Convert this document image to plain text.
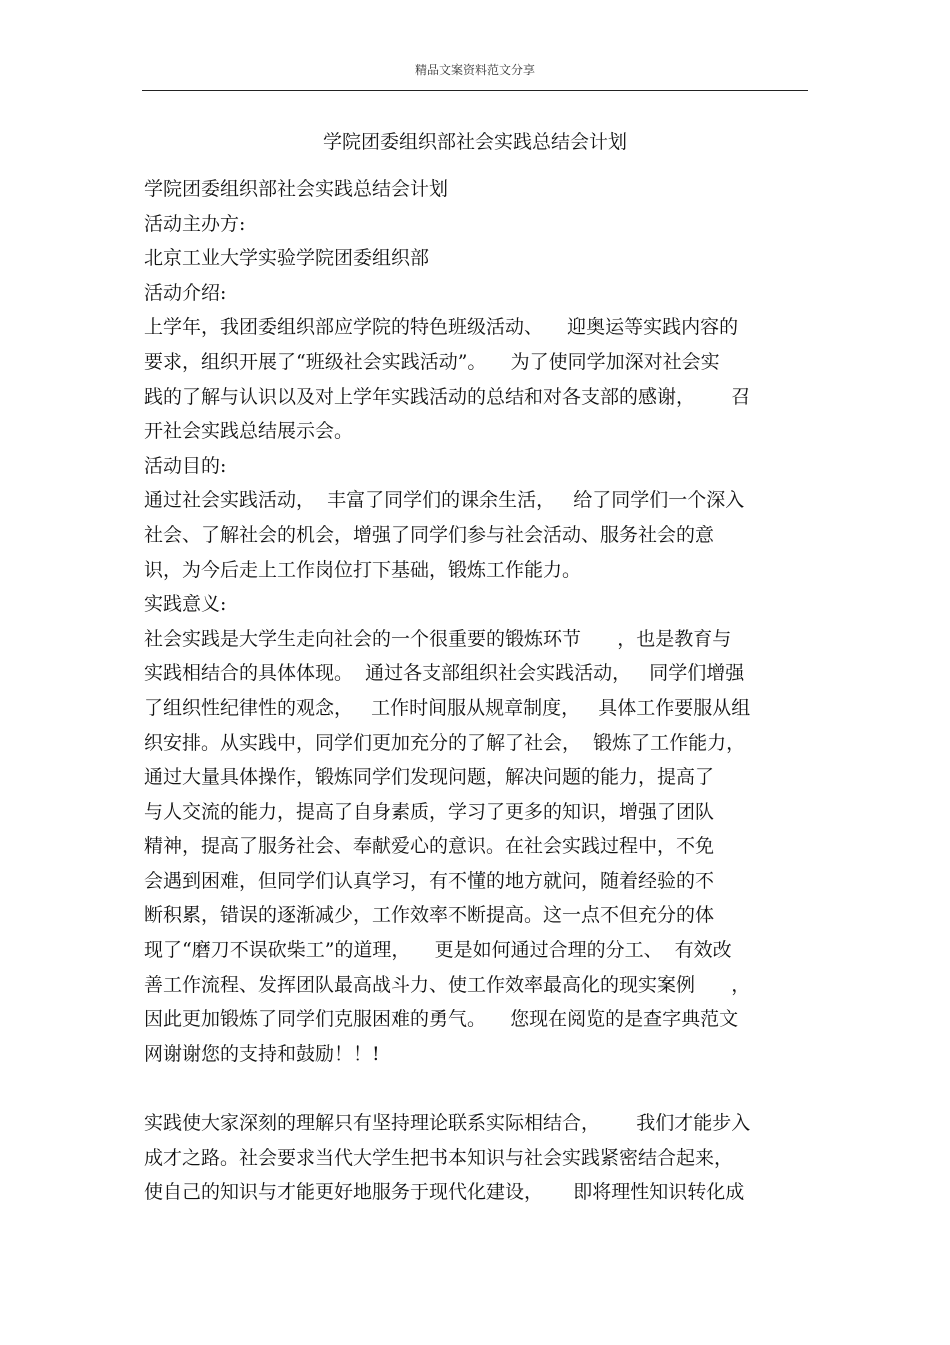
精品文案资料范文分享
学院团委组织部社会实践总结会计划
学院团委组织部社会实践总结会计划
活动主办方:
北京工业大学实验学院团委组织部
活动介绍:
上学年，我团委组织部应学院的特色班级活动、    迎奥运等实践内容的
要求，组织开展了“班级社会实践活动”。    为了使同学加深对社会实
践的了解与认识以及对上学年实践活动的总结和对各支部的感谢，      召
开社会实践总结展示会。
活动目的:
通过社会实践活动，  丰富了同学们的课余生活，   给了同学们一个深入
社会、了解社会的机会，增强了同学们参与社会活动、服务社会的意
识，为今后走上工作岗位打下基础，锻炼工作能力。
实践意义:
社会实践是大学生走向社会的一个很重要的锻炼环节      ，也是教育与
实践相结合的具体体现。  通过各支部组织社会实践活动，   同学们增强
了组织性纪律性的观念，   工作时间服从规章制度，   具体工作要服从组
织安排。从实践中，同学们更加充分的了解了社会，  锻炼了工作能力，
通过大量具体操作，锻炼同学们发现问题，解决问题的能力，提高了
与人交流的能力，提高了自身素质，学习了更多的知识，增强了团队
精神，提高了服务社会、奉献爱心的意识。在社会实践过程中，不免
会遇到困难，但同学们认真学习，有不懂的地方就问，随着经验的不
断积累，错误的逐渐减少，工作效率不断提高。这一点不但充分的体
现了“磨刀不误砍柴工”的道理，    更是如何通过合理的分工、  有效改
善工作流程、发挥团队最高战斗力、使工作效率最高化的现实案例      ，
因此更加锻炼了同学们克服困难的勇气。    您现在阅览的是查字典范文
网谢谢您的支持和鼓励！！!
实践使大家深刻的理解只有坚持理论联系实际相结合，      我们才能步入
成才之路。社会要求当代大学生把书本知识与社会实践紧密结合起来，
使自己的知识与才能更好地服务于现代化建设，     即将理性知识转化成
